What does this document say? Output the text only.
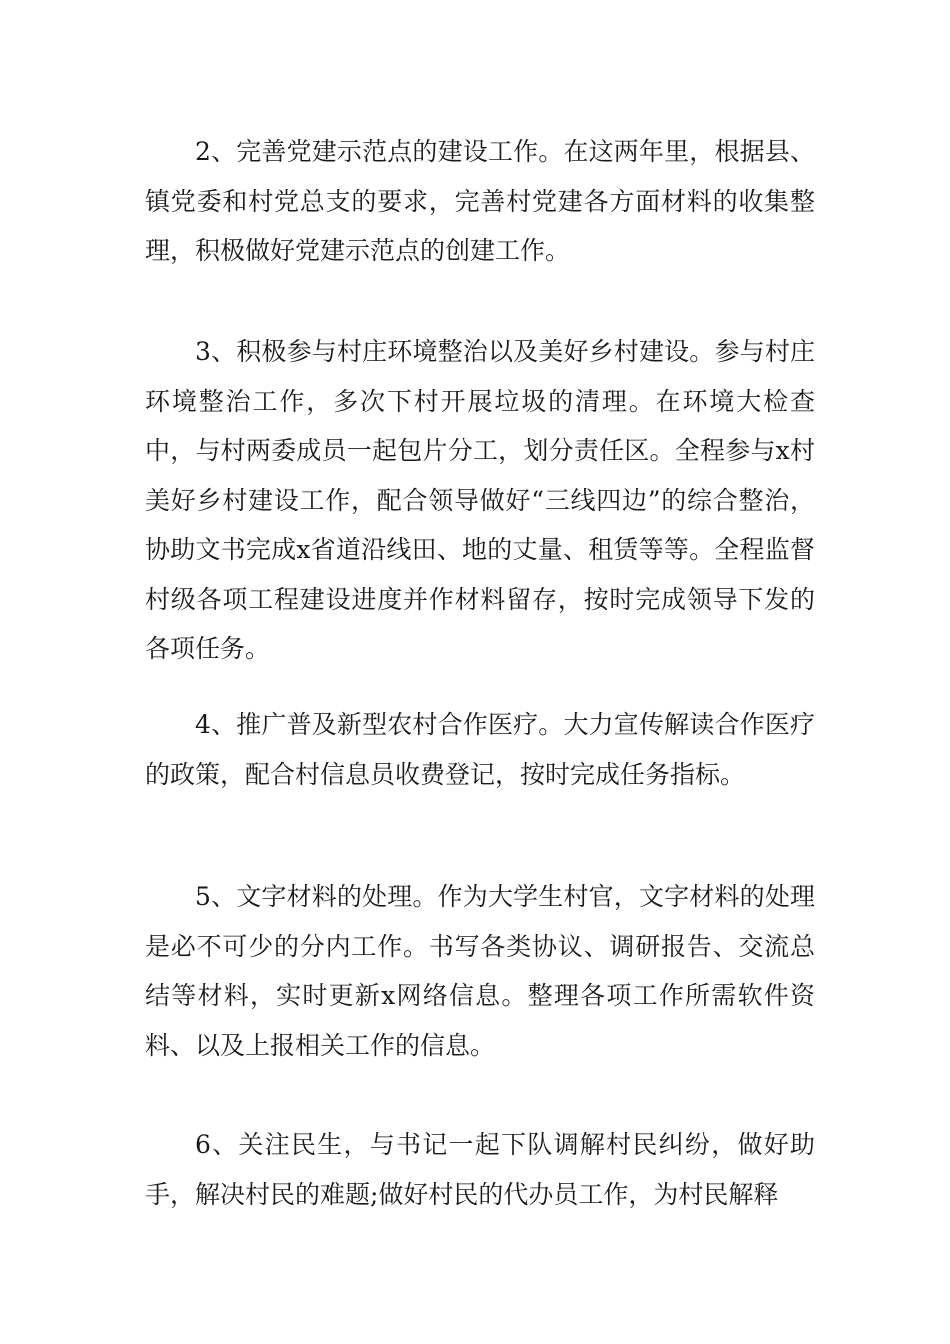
2、完善党建示范点的建设工作。在这两年里，根据县、镇党委和村党总支的要求，完善村党建各方面材料的收集整理，积极做好党建示范点的创建工作。

3、积极参与村庄环境整治以及美好乡村建设。参与村庄环境整治工作，多次下村开展垃圾的清理。在环境大检查中，与村两委成员一起包片分工，划分责任区。全程参与x村美好乡村建设工作，配合领导做好“三线四边”的综合整治，协助文书完成x省道沿线田、地的丈量、租赁等等。全程监督村级各项工程建设进度并作材料留存，按时完成领导下发的各项任务。

4、推广普及新型农村合作医疗。大力宣传解读合作医疗的政策，配合村信息员收费登记，按时完成任务指标。

5、文字材料的处理。作为大学生村官，文字材料的处理是必不可少的分内工作。书写各类协议、调研报告、交流总结等材料，实时更新x网络信息。整理各项工作所需软件资料、以及上报相关工作的信息。

6、关注民生，与书记一起下队调解村民纠纷，做好助手，解决村民的难题;做好村民的代办员工作，为村民解释
